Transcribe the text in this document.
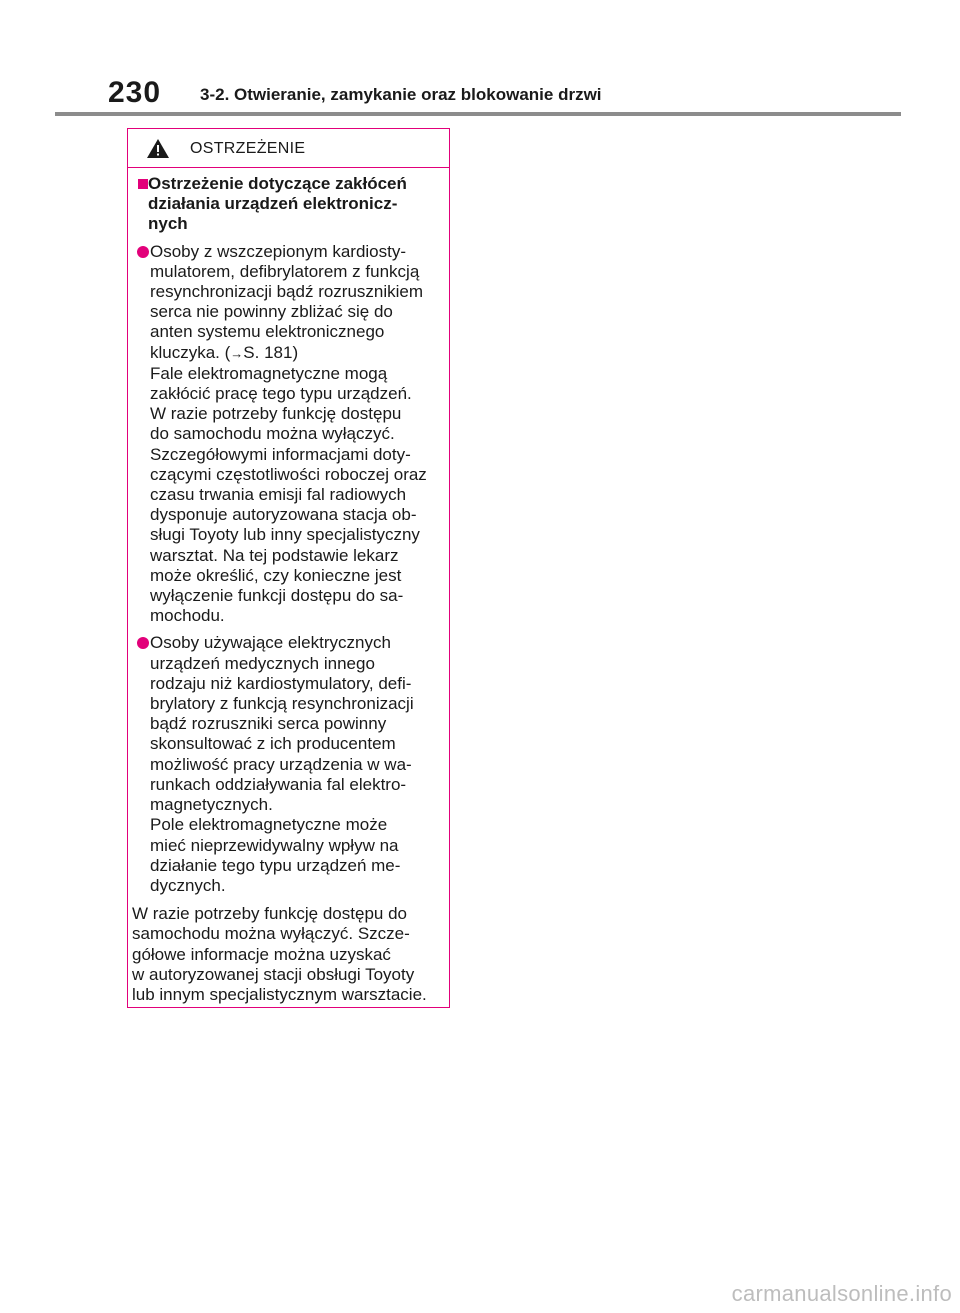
230 3-2. Otwieranie, zamykanie oraz blokowanie drzwi
OSTRZEŻENIE
Ostrzeżenie dotyczące zakłóceń
działania urządzeń elektronicz-
nych
Osoby z wszczepionym kardiosty-
mulatorem, defibrylatorem z funkcją
resynchronizacji bądź rozrusznikiem
serca nie powinny zbliżać się do
anten systemu elektronicznego
kluczyka. (→S. 181)
Fale elektromagnetyczne mogą
zakłócić pracę tego typu urządzeń.
W razie potrzeby funkcję dostępu
do samochodu można wyłączyć.
Szczegółowymi informacjami doty-
czącymi częstotliwości roboczej oraz
czasu trwania emisji fal radiowych
dysponuje autoryzowana stacja ob-
sługi Toyoty lub inny specjalistyczny
warsztat. Na tej podstawie lekarz
może określić, czy konieczne jest
wyłączenie funkcji dostępu do sa-
mochodu.
Osoby używające elektrycznych
urządzeń medycznych innego
rodzaju niż kardiostymulatory, defi-
brylatory z funkcją resynchronizacji
bądź rozruszniki serca powinny
skonsultować z ich producentem
możliwość pracy urządzenia w wa-
runkach oddziaływania fal elektro-
magnetycznych.
Pole elektromagnetyczne może
mieć nieprzewidywalny wpływ na
działanie tego typu urządzeń me-
dycznych.
W razie potrzeby funkcję dostępu do
samochodu można wyłączyć. Szcze-
gółowe informacje można uzyskać
w autoryzowanej stacji obsługi Toyoty
lub innym specjalistycznym warsztacie.
carmanualsonline.info
